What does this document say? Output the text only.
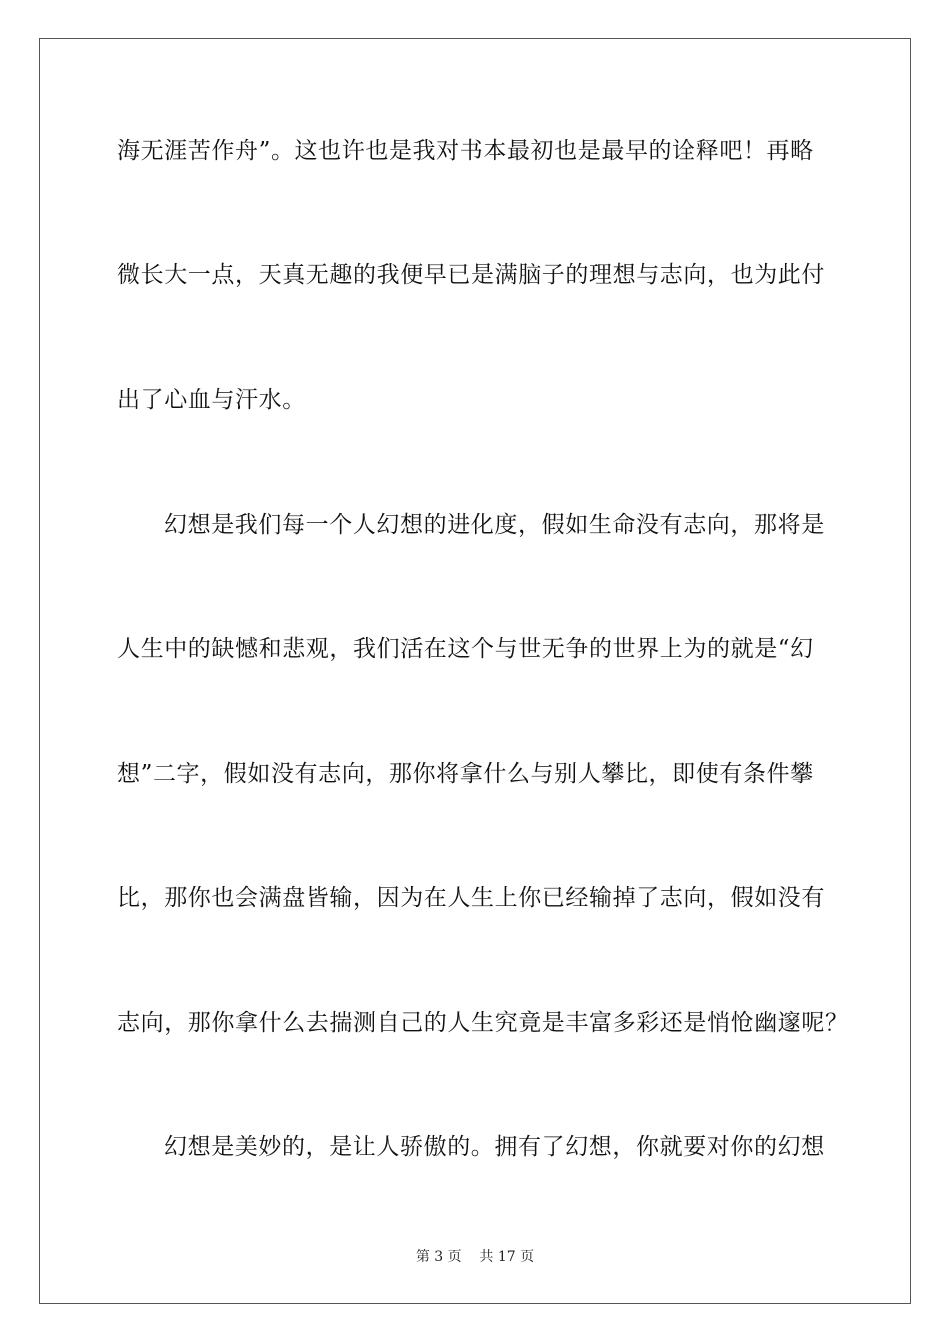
海无涯苦作舟”。这也许也是我对书本最初也是最早的诠释吧！再略
微长大一点，天真无趣的我便早已是满脑子的理想与志向，也为此付
出了心血与汗水。
幻想是我们每一个人幻想的进化度，假如生命没有志向，那将是
人生中的缺憾和悲观，我们活在这个与世无争的世界上为的就是“幻
想”二字，假如没有志向，那你将拿什么与别人攀比，即使有条件攀
比，那你也会满盘皆输，因为在人生上你已经输掉了志向，假如没有
志向，那你拿什么去揣测自己的人生究竟是丰富多彩还是悄怆幽邃呢？
幻想是美妙的，是让人骄傲的。拥有了幻想，你就要对你的幻想
第 3 页    共 17 页
